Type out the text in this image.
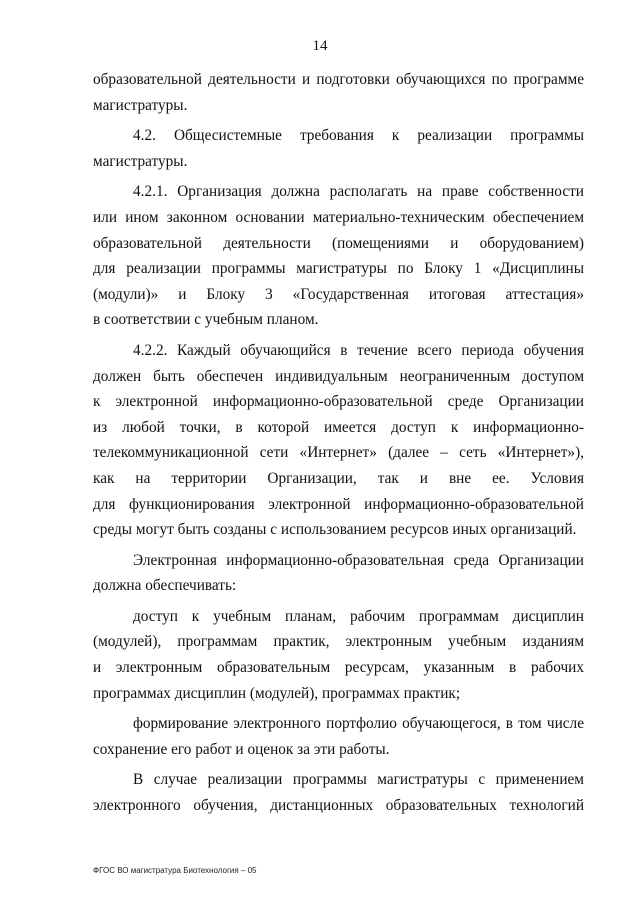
14
образовательной деятельности и подготовки обучающихся по программе
магистратуры.
4.2. Общесистемные требования к реализации программы
магистратуры.
4.2.1. Организация должна располагать на праве собственности
или ином законном основании материально-техническим обеспечением
образовательной деятельности (помещениями и оборудованием)
для реализации программы магистратуры по Блоку 1 «Дисциплины
(модули)» и Блоку 3 «Государственная итоговая аттестация»
в соответствии с учебным планом.
4.2.2. Каждый обучающийся в течение всего периода обучения
должен быть обеспечен индивидуальным неограниченным доступом
к электронной информационно-образовательной среде Организации
из любой точки, в которой имеется доступ к информационно-
телекоммуникационной сети «Интернет» (далее – сеть «Интернет»),
как на территории Организации, так и вне ее. Условия
для функционирования электронной информационно-образовательной
среды могут быть созданы с использованием ресурсов иных организаций.
Электронная информационно-образовательная среда Организации
должна обеспечивать:
доступ к учебным планам, рабочим программам дисциплин
(модулей), программам практик, электронным учебным изданиям
и электронным образовательным ресурсам, указанным в рабочих
программах дисциплин (модулей), программах практик;
формирование электронного портфолио обучающегося, в том числе
сохранение его работ и оценок за эти работы.
В случае реализации программы магистратуры с применением
электронного обучения, дистанционных образовательных технологий
ФГОС ВО магистратура Биотехнология – 05
